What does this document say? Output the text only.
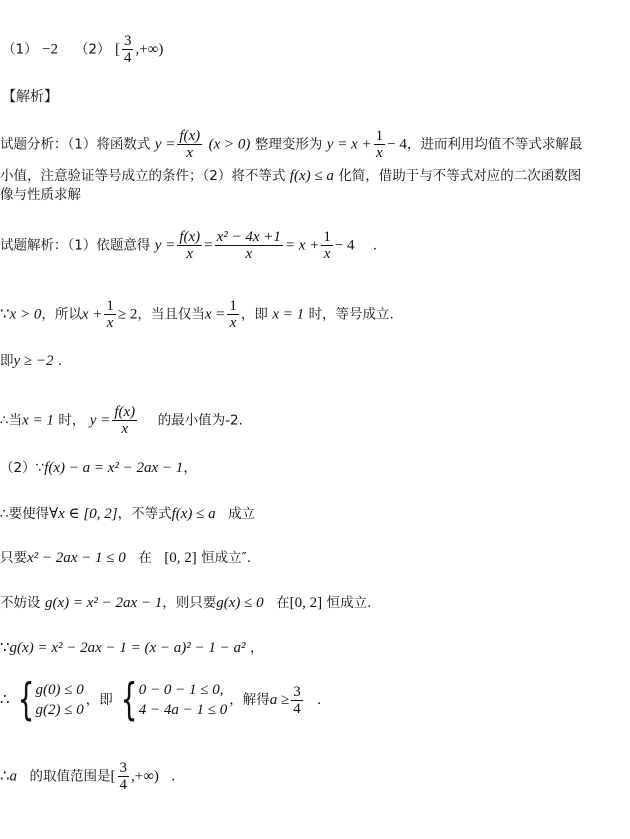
（1） −2 （2） [ $\frac{3}{4}$ ,+∞)
【解析】
试题分析：（1）将函数式 $y = \frac{f(x)}{x} (x > 0)$ 整理变形为 $y = x + \frac{1}{x} - 4$，进而利用均值不等式求解最
小值，注意验证等号成立的条件；（2）将不等式 f(x) ≤ a 化简，借助于与不等式对应的二次函数图
像与性质求解
试题解析：（1）依题意得 $y = \frac{f(x)}{x} = \frac{\text{x² − 4x +1}}{x} = x + \frac{1}{x} - 4$ .
∵x > 0，所以$x + \frac{1}{x} \ge 2$，当且仅当$x = \frac{1}{x}$ ，即 x = 1 时，等号成立.
即y ≥ −2 .
∴当x = 1 时， $y = \frac{f(x)}{x}$ 的最小值为-2.
（2）∵f(x) − a = x² − 2ax − 1，
∴要使得∀x ∈ [0, 2]，不等式f(x) ≤ a 成立
只要x² − 2ax − 1 ≤ 0 在 [0, 2] 恒成立″.
不妨设 g(x) = x² − 2ax − 1，则只要g(x) ≤ 0 在[0, 2] 恒成立.
∵g(x) = x² − 2ax − 1 = (x − a)² − 1 − a² ，
∴ { g(0) ≤ 0
g(2) ≤ 0
，即 { 0 − 0 − 1 ≤ 0,
4 − 4a − 1 ≤ 0
，解得$a \ge \frac{3}{4}$ .
∴a 的取值范围是[ $\frac{3}{4}$ ,+∞) .
